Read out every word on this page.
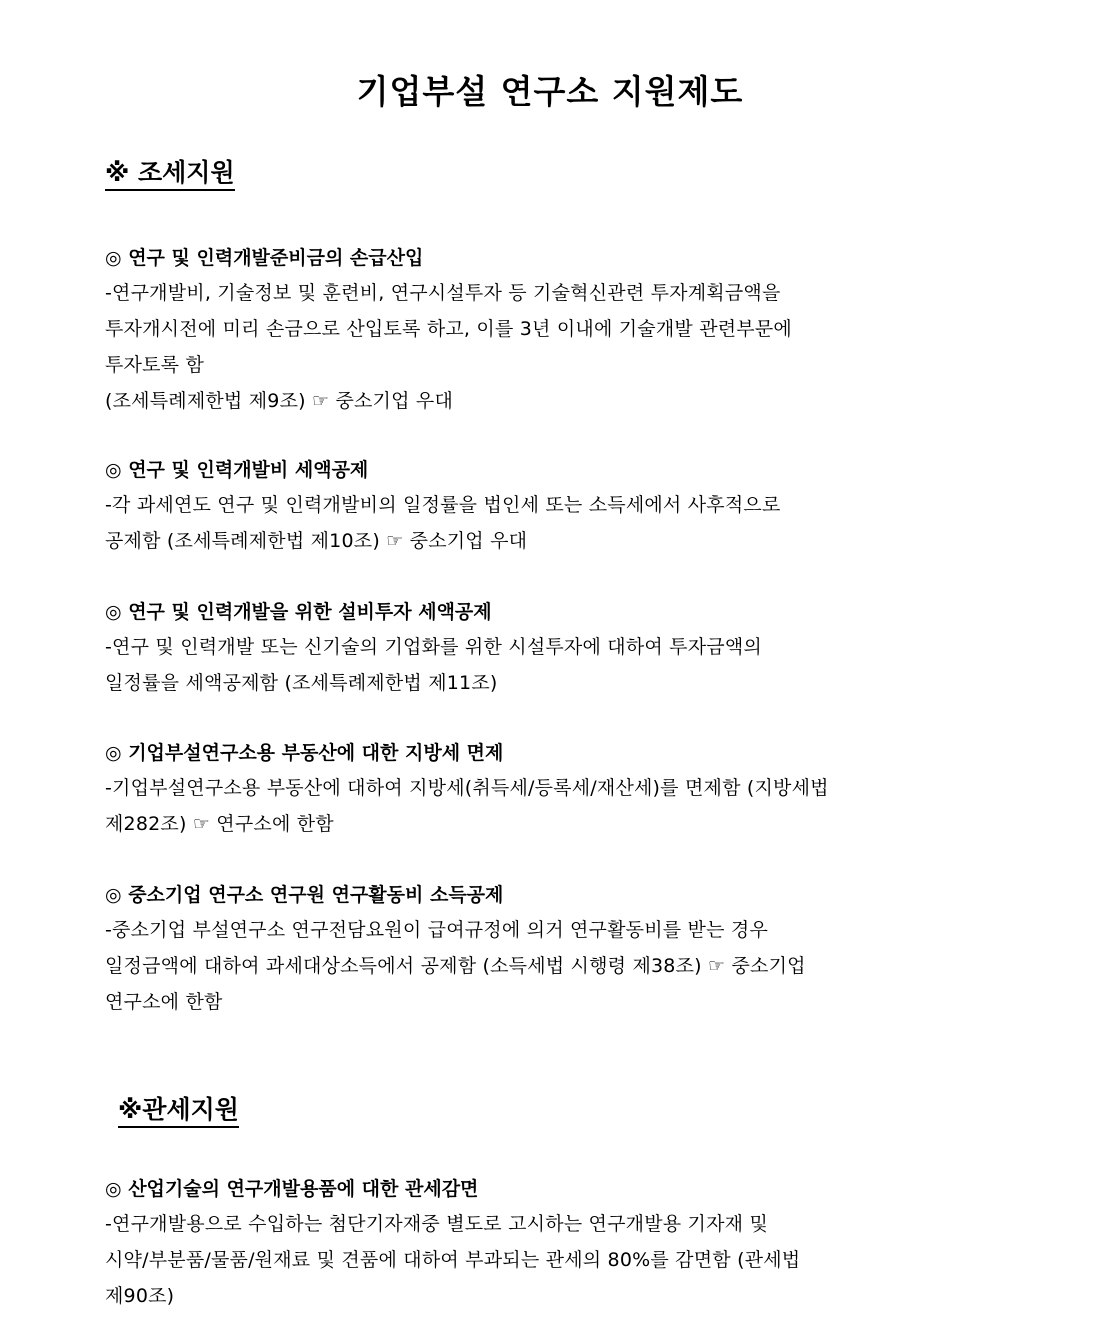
기업부설 연구소 지원제도
※ 조세지원

◎ 연구 및 인력개발준비금의 손급산입

-연구개발비, 기술정보 및 훈련비, 연구시설투자 등 기술혁신관련 투자계획금액을

투자개시전에 미리 손금으로 산입토록 하고, 이를 3년 이내에 기술개발 관련부문에

투자토록 함

(조세특례제한법 제9조) ☞ 중소기업 우대

◎ 연구 및 인력개발비 세액공제

-각 과세연도 연구 및 인력개발비의 일정률을 법인세 또는 소득세에서 사후적으로

공제함 (조세특례제한법 제10조) ☞ 중소기업 우대

◎ 연구 및 인력개발을 위한 설비투자 세액공제

-연구 및 인력개발 또는 신기술의 기업화를 위한 시설투자에 대하여 투자금액의

일정률을 세액공제함 (조세특례제한법 제11조)

◎ 기업부설연구소용 부동산에 대한 지방세 면제

-기업부설연구소용 부동산에 대하여 지방세(취득세/등록세/재산세)를 면제함 (지방세법

제282조) ☞ 연구소에 한함

◎ 중소기업 연구소 연구원 연구활동비 소득공제

-중소기업 부설연구소 연구전담요원이 급여규정에 의거 연구활동비를 받는 경우

일정금액에 대하여 과세대상소득에서 공제함 (소득세법 시행령 제38조) ☞ 중소기업

연구소에 한함

※관세지원

◎ 산업기술의 연구개발용품에 대한 관세감면

-연구개발용으로 수입하는 첨단기자재중 별도로 고시하는 연구개발용 기자재 및

시약/부분품/물품/원재료 및 견품에 대하여 부과되는 관세의 80%를 감면함 (관세법

제90조)
